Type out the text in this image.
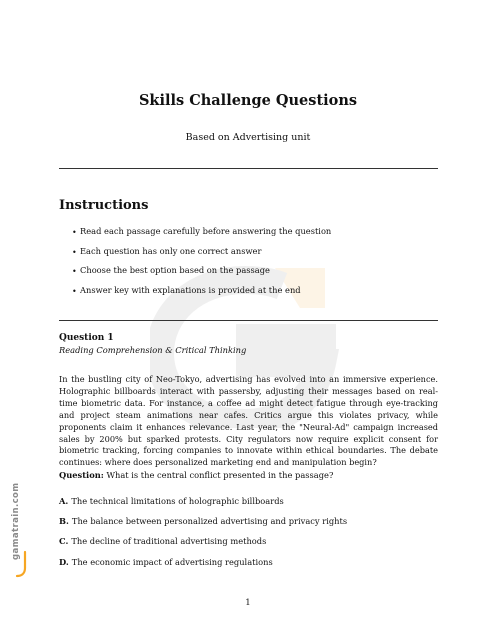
gamatrain.com
Skills Challenge Questions

Based on Advertising unit

Instructions
• Read each passage carefully before answering the question
• Each question has only one correct answer
• Choose the best option based on the passage
• Answer key with explanations is provided at the end
Question 1

Reading Comprehension & Critical Thinking

In the bustling city of Neo-Tokyo, advertising has evolved into an immersive experience. Holographic billboards interact with passersby, adjusting their messages based on real-time biometric data. For instance, a coffee ad might detect fatigue through eye-tracking and project steam animations near cafes. Critics argue this violates privacy, while proponents claim it enhances relevance. Last year, the "Neural-Ad" campaign increased sales by 200% but sparked protests. City regulators now require explicit consent for biometric tracking, forcing companies to innovate within ethical boundaries. The debate continues: where does personalized marketing end and manipulation begin?

Question: What is the central conflict presented in the passage?

A. The technical limitations of holographic billboards
B. The balance between personalized advertising and privacy rights
C. The decline of traditional advertising methods
D. The economic impact of advertising regulations

1
